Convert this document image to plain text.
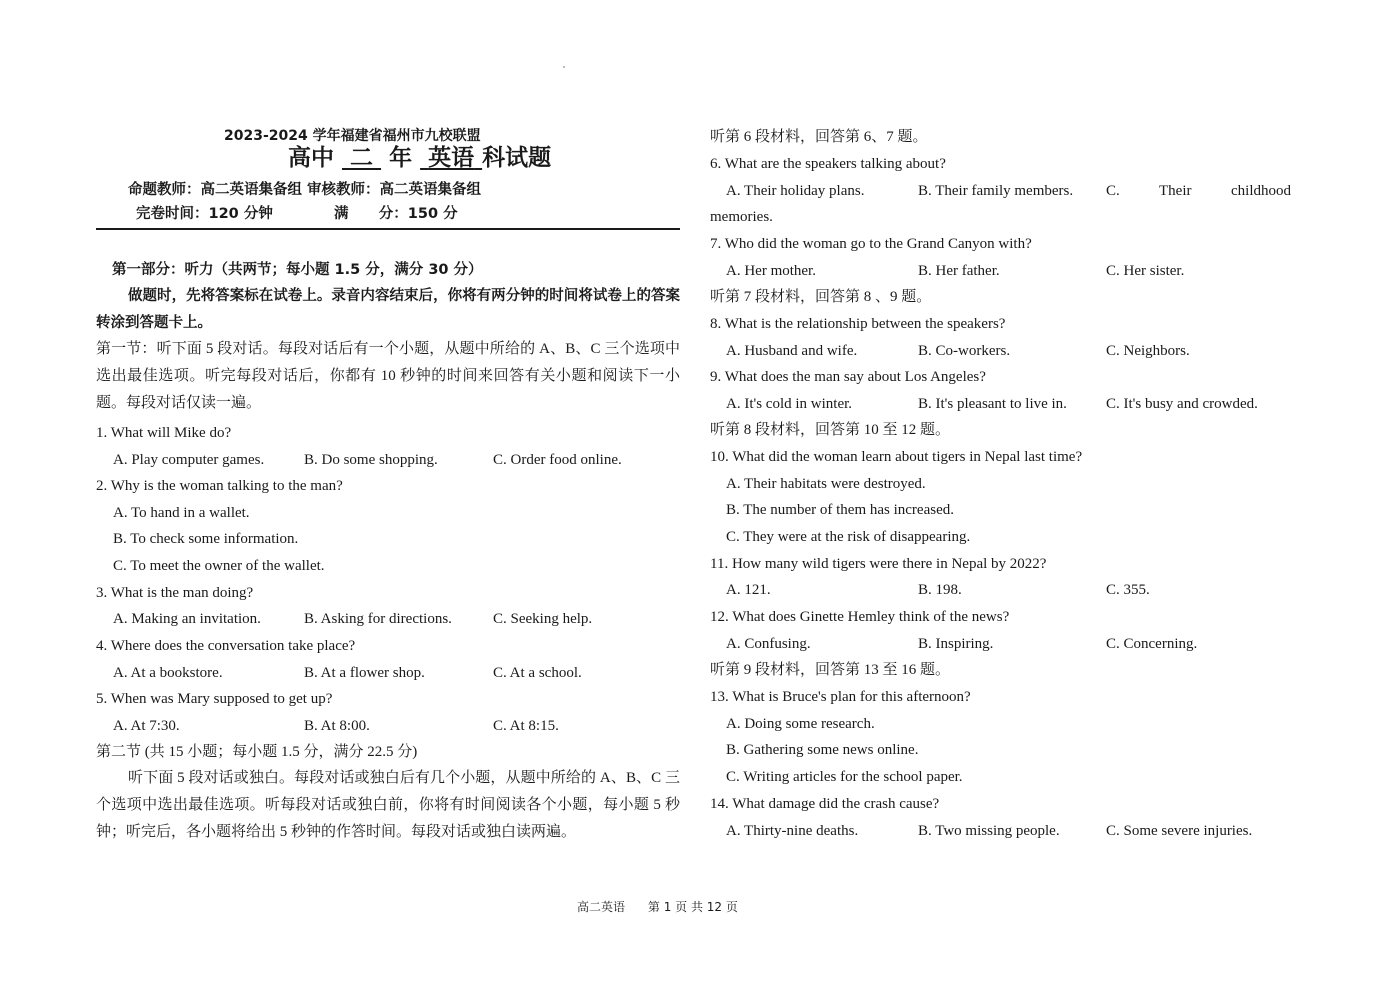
2023-2024 学年福建省福州市九校联盟
高中 二 年 英语 科试题
命题教师：高二英语集备组 审核教师：高二英语集备组
完卷时间：120 分钟	满      分：150 分
第一部分：听力（共两节；每小题 1.5 分，满分 30 分）
做题时，先将答案标在试卷上。录音内容结束后，你将有两分钟的时间将试卷上的答案转涂到答题卡上。
第一节：听下面 5 段对话。每段对话后有一个小题，从题中所给的 A、B、C 三个选项中选出最佳选项。听完每段对话后，你都有 10 秒钟的时间来回答有关小题和阅读下一小题。每段对话仅读一遍。
1. What will Mike do?
A. Play computer games.	B. Do some shopping.	C. Order food online.
2. Why is the woman talking to the man?
A. To hand in a wallet.
B. To check some information.
C. To meet the owner of the wallet.
3. What is the man doing?
A. Making an invitation.	B. Asking for directions.	C. Seeking help.
4. Where does the conversation take place?
A. At a bookstore.	B. At a flower shop.	C. At a school.
5. When was Mary supposed to get up?
A. At 7:30.	B. At 8:00.	C. At 8:15.
第二节 (共 15 小题；每小题 1.5 分，满分 22.5 分)
听下面 5 段对话或独白。每段对话或独白后有几个小题，从题中所给的 A、B、C 三个选项中选出最佳选项。听每段对话或独白前，你将有时间阅读各个小题，每小题 5 秒钟；听完后，各小题将给出 5 秒钟的作答时间。每段对话或独白读两遍。
听第 6 段材料，回答第 6、7 题。
6. What are the speakers talking about?
A. Their holiday plans.	B. Their family members. C.	Their	childhood
memories.
7. Who did the woman go to the Grand Canyon with?
A. Her mother.	B. Her father.	C. Her sister.
听第 7 段材料，回答第 8 、9 题。
8. What is the relationship between the speakers?
A. Husband and wife.	B. Co-workers.	C. Neighbors.
9. What does the man say about Los Angeles?
A. It's cold in winter.	B. It's pleasant to live in.	C. It's busy and crowded.
听第 8 段材料，回答第 10 至 12 题。
10. What did the woman learn about tigers in Nepal last time?
A. Their habitats were destroyed.
B. The number of them has increased.
C. They were at the risk of disappearing.
11. How many wild tigers were there in Nepal by 2022?
A. 121.	B. 198.	C. 355.
12. What does Ginette Hemley think of the news?
A. Confusing.	B. Inspiring.	C. Concerning.
听第 9 段材料，回答第 13 至 16 题。
13. What is Bruce's plan for this afternoon?
A. Doing some research.
B. Gathering some news online.
C. Writing articles for the school paper.
14. What damage did the crash cause?
A. Thirty-nine deaths.	B. Two missing people.	C. Some severe injuries.
高二英语      第 1 页 共 12 页
